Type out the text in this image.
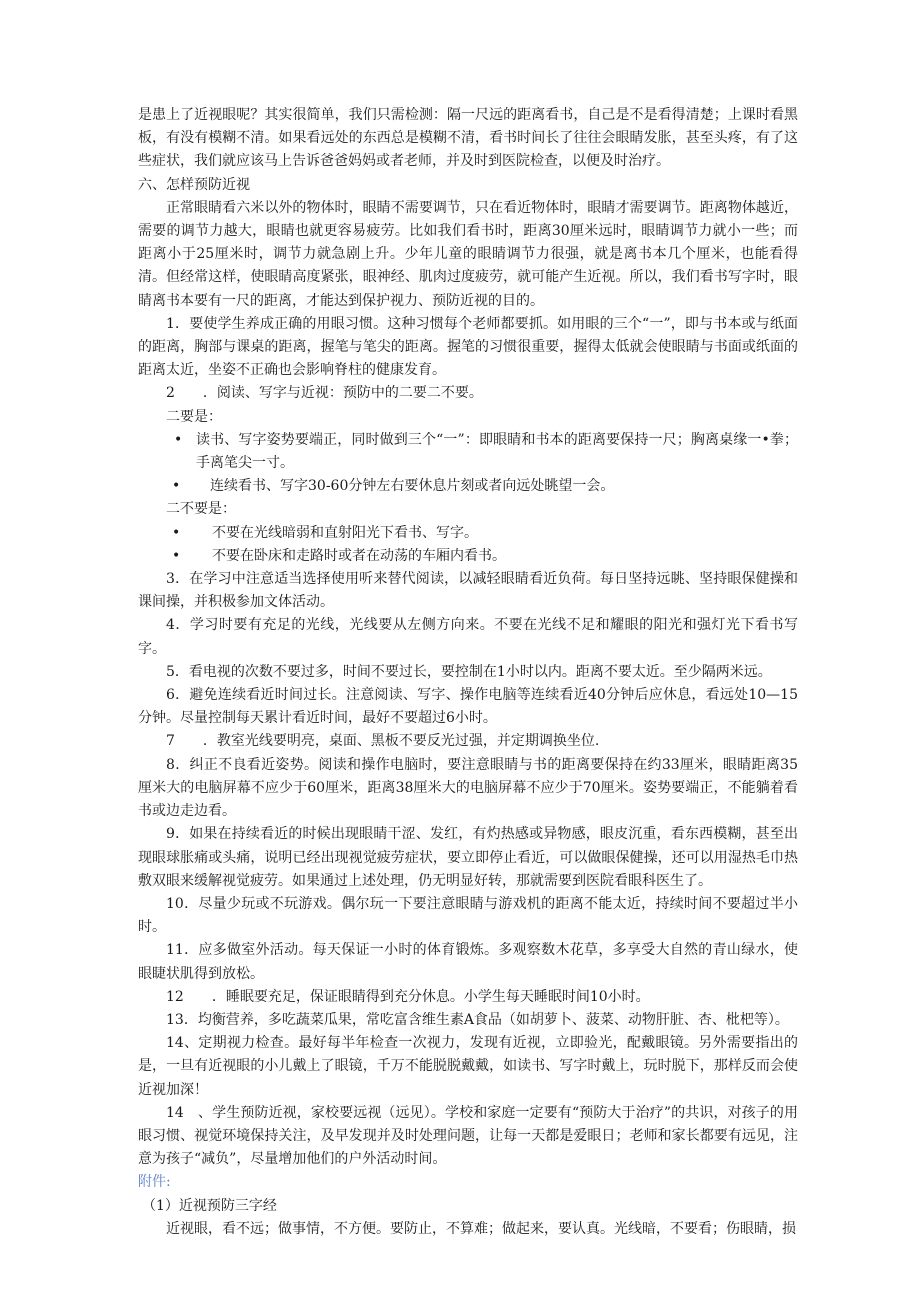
是患上了近视眼呢？其实很简单，我们只需检测：隔一尺远的距离看书，自己是不是看得清楚；上课时看黑板，有没有模糊不清。如果看远处的东西总是模糊不清，看书时间长了往往会眼睛发胀，甚至头疼，有了这些症状，我们就应该马上告诉爸爸妈妈或者老师，并及时到医院检查，以便及时治疗。

六、怎样预防近视

正常眼睛看六米以外的物体时，眼睛不需要调节，只在看近物体时，眼睛才需要调节。距离物体越近，需要的调节力越大，眼睛也就更容易疲劳。比如我们看书时，距离30厘米远时，眼睛调节力就小一些；而距离小于25厘米时，调节力就急剧上升。少年儿童的眼睛调节力很强，就是离书本几个厘米，也能看得清。但经常这样，使眼睛高度紧张，眼神经、肌肉过度疲劳，就可能产生近视。所以，我们看书写字时，眼睛离书本要有一尺的距离，才能达到保护视力、预防近视的目的。

1．要使学生养成正确的用眼习惯。这种习惯每个老师都要抓。如用眼的三个“一”，即与书本或与纸面的距离，胸部与课桌的距离，握笔与笔尖的距离。握笔的习惯很重要，握得太低就会使眼睛与书面或纸面的距离太近，坐姿不正确也会影响脊柱的健康发育。

2　　．阅读、写字与近视：预防中的二要二不要。

二要是：

• 读书、写字姿势要端正，同时做到三个“一”：即眼睛和书本的距离要保持一尺；胸离桌缘一•拳；手离笔尖一寸。

•	连续看书、写字30-60分钟左右要休息片刻或者向远处眺望一会。

二不要是：

•	不要在光线暗弱和直射阳光下看书、写字。

•	不要在卧床和走路时或者在动荡的车厢内看书。

3．在学习中注意适当选择使用听来替代阅读，以减轻眼睛看近负荷。每日坚持远眺、坚持眼保健操和课间操，并积极参加文体活动。

4．学习时要有充足的光线，光线要从左侧方向来。不要在光线不足和耀眼的阳光和强灯光下看书写字。

5．看电视的次数不要过多，时间不要过长，要控制在1小时以内。距离不要太近。至少隔两米远。

6．避免连续看近时间过长。注意阅读、写字、操作电脑等连续看近40分钟后应休息，看远处10—15分钟。尽量控制每天累计看近时间，最好不要超过6小时。

7　　．教室光线要明亮，桌面、黑板不要反光过强，并定期调换坐位.

8．纠正不良看近姿势。阅读和操作电脑时，要注意眼睛与书的距离要保持在约33厘米，眼睛距离35厘米大的电脑屏幕不应少于60厘米，距离38厘米大的电脑屏幕不应少于70厘米。姿势要端正，不能躺着看书或边走边看。

9．如果在持续看近的时候出现眼睛干涩、发红，有灼热感或异物感，眼皮沉重，看东西模糊，甚至出现眼球胀痛或头痛，说明已经出现视觉疲劳症状，要立即停止看近，可以做眼保健操，还可以用湿热毛巾热敷双眼来缓解视觉疲劳。如果通过上述处理，仍无明显好转，那就需要到医院看眼科医生了。

10．尽量少玩或不玩游戏。偶尔玩一下要注意眼睛与游戏机的距离不能太近，持续时间不要超过半小时。

11．应多做室外活动。每天保证一小时的体育锻炼。多观察数木花草，多享受大自然的青山绿水，使眼睫状肌得到放松。

12　　．睡眠要充足，保证眼睛得到充分休息。小学生每天睡眠时间10小时。

13．均衡营养，多吃蔬菜瓜果，常吃富含维生素A食品（如胡萝卜、菠菜、动物肝脏、杏、枇杷等）。

14、定期视力检查。最好每半年检查一次视力，发现有近视，立即验光，配戴眼镜。另外需要指出的是，一旦有近视眼的小儿戴上了眼镜，千万不能脱脱戴戴，如读书、写字时戴上，玩时脱下，那样反而会使近视加深！

14　、学生预防近视，家校要远视（远见）。学校和家庭一定要有“预防大于治疗”的共识，对孩子的用眼习惯、视觉环境保持关注，及早发现并及时处理问题，让每一天都是爱眼日；老师和家长都要有远见，注意为孩子“减负”，尽量增加他们的户外活动时间。

附件:

（1）近视预防三字经

近视眼，看不远；做事情，不方便。要防止，不算难；做起来，要认真。光线暗，不要看；伤眼睛，损
